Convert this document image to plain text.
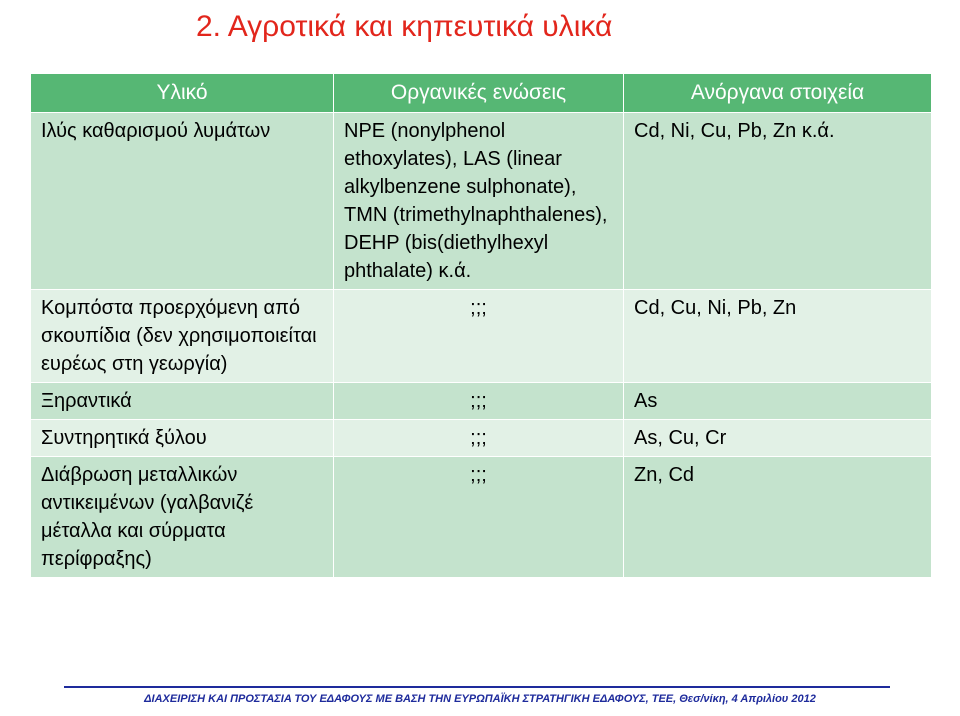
2. Αγροτικά και κηπευτικά υλικά
Υλικό	Οργανικές ενώσεις	Ανόργανα στοιχεία
Ιλύς καθαρισμού λυμάτων	NPE (nonylphenol ethoxylates), LAS (linear alkylbenzene sulphonate), TMN (trimethylnaphthalenes), DEHP (bis(diethylhexyl phthalate) κ.ά.	Cd, Ni, Cu, Pb, Zn κ.ά.
Κομπόστα προερχόμενη από σκουπίδια (δεν χρησιμοποιείται ευρέως στη γεωργία)	;;;	Cd, Cu, Ni, Pb, Zn
Ξηραντικά	;;;	As
Συντηρητικά ξύλου	;;;	As, Cu, Cr
Διάβρωση μεταλλικών αντικειμένων (γαλβανιζέ μέταλλα και σύρματα περίφραξης)	;;;	Zn, Cd
ΔΙΑΧΕΙΡΙΣΗ ΚΑΙ ΠΡΟΣΤΑΣΙΑ ΤΟΥ ΕΔΑΦΟΥΣ ΜΕ ΒΑΣΗ ΤΗΝ ΕΥΡΩΠΑΪΚΗ ΣΤΡΑΤΗΓΙΚΗ ΕΔΑΦΟΥΣ, ΤΕΕ, Θεσ/νίκη, 4 Απριλίου 2012
